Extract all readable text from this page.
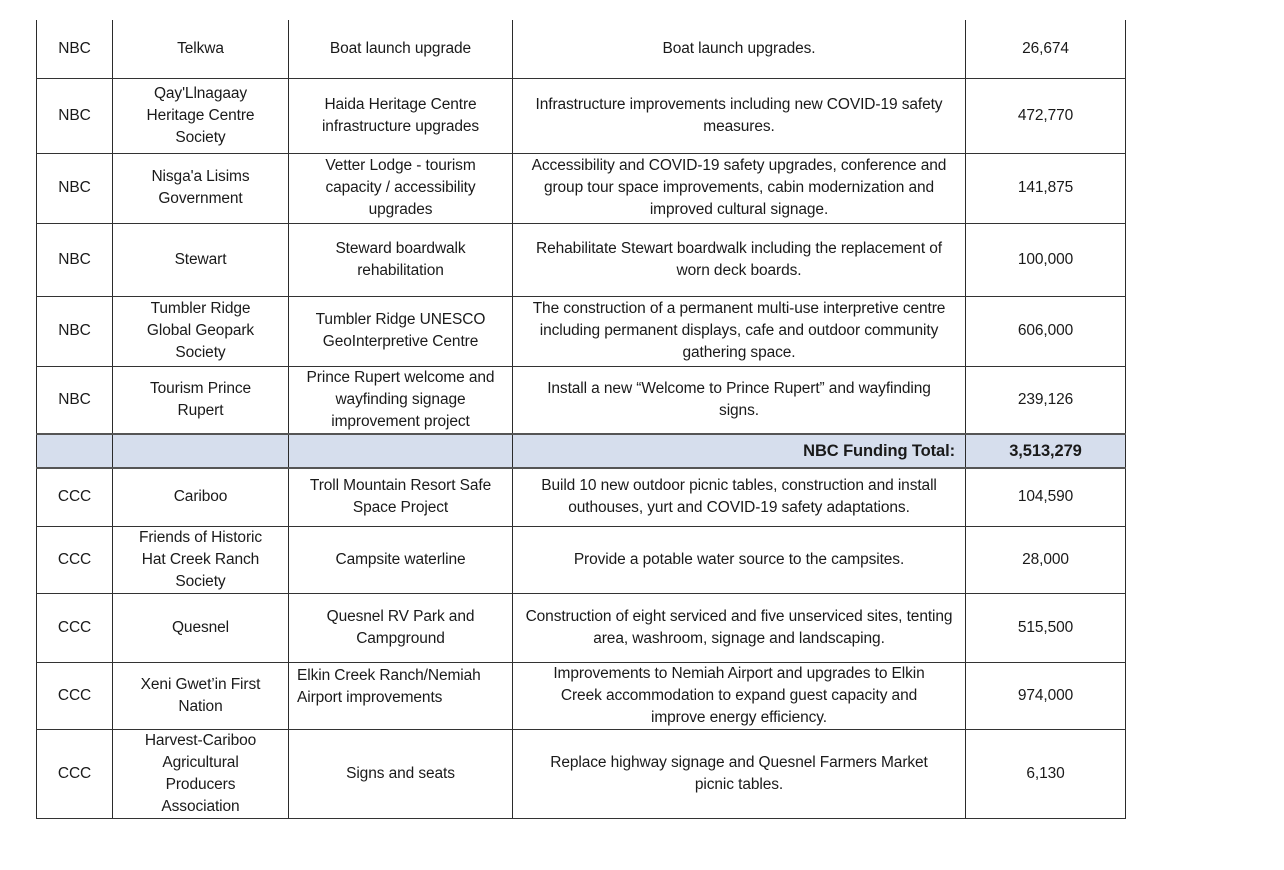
NBC	Telkwa	Boat launch upgrade	Boat launch upgrades.	26,674
NBC	Qay'Llnagaay Heritage Centre Society	Haida Heritage Centre infrastructure upgrades	Infrastructure improvements including new COVID-19 safety measures.	472,770
NBC	Nisga'a Lisims Government	Vetter Lodge - tourism capacity / accessibility upgrades	Accessibility and COVID-19 safety upgrades, conference and group tour space improvements, cabin modernization and improved cultural signage.	141,875
NBC	Stewart	Steward boardwalk rehabilitation	Rehabilitate Stewart boardwalk including the replacement of worn deck boards.	100,000
NBC	Tumbler Ridge Global Geopark Society	Tumbler Ridge UNESCO GeoInterpretive Centre	The construction of a permanent multi-use interpretive centre including permanent displays, cafe and outdoor community gathering space.	606,000
NBC	Tourism Prince Rupert	Prince Rupert welcome and wayfinding signage improvement project	Install a new “Welcome to Prince Rupert” and wayfinding signs.	239,126
			NBC Funding Total:	3,513,279
CCC	Cariboo	Troll Mountain Resort Safe Space Project	Build 10 new outdoor picnic tables, construction and install outhouses, yurt and COVID-19 safety adaptations.	104,590
CCC	Friends of Historic Hat Creek Ranch Society	Campsite waterline	Provide a potable water source to the campsites.	28,000
CCC	Quesnel	Quesnel RV Park and Campground	Construction of eight serviced and five unserviced sites, tenting area, washroom, signage and landscaping.	515,500
CCC	Xeni Gwet’in First Nation	Elkin Creek Ranch/Nemiah Airport improvements	Improvements to Nemiah Airport and upgrades to Elkin Creek accommodation to expand guest capacity and improve energy efficiency.	974,000
CCC	Harvest-Cariboo Agricultural Producers Association	Signs and seats	Replace highway signage and Quesnel Farmers Market picnic tables.	6,130
